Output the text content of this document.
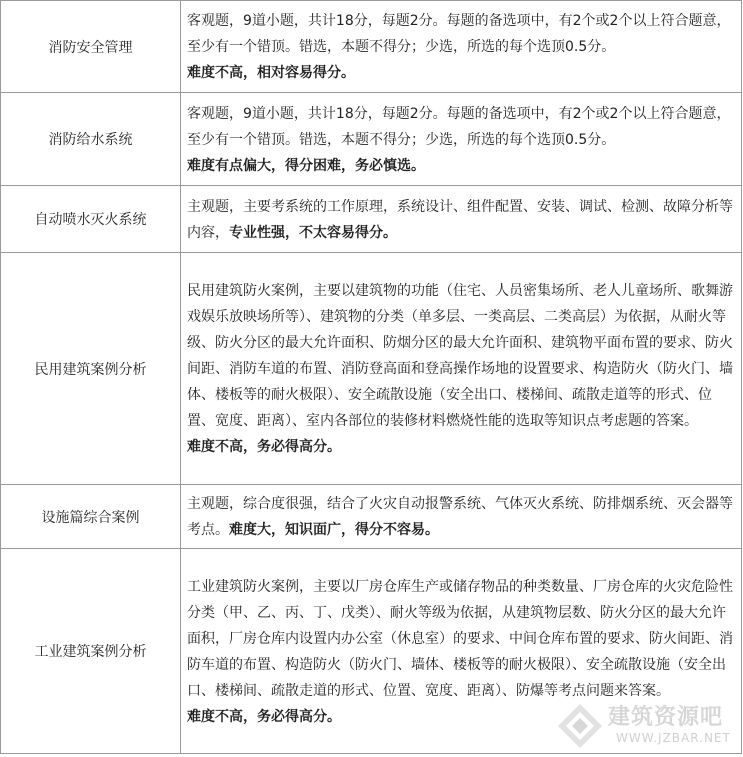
消防安全管理	客观题，9道小题，共计18分，每题2分。每题的备选项中，有2个或2个以上符合题意，至少有一个错顶。错选，本题不得分；少选，所选的每个选顶0.5分。
难度不高，相对容易得分。
消防给水系统	客观题，9道小题，共计18分，每题2分。每题的备选项中，有2个或2个以上符合题意，至少有一个错顶。错选，本题不得分；少选，所选的每个选顶0.5分。
难度有点偏大，得分困难，务必慎选。
自动喷水灭火系统	主观题，主要考系统的工作原理，系统设计、组件配置、安装、调试、检测、故障分析等内容，专业性强，不太容易得分。
民用建筑案例分析	民用建筑防火案例，主要以建筑物的功能（住宅、人员密集场所、老人儿童场所、歌舞游戏娱乐放映场所等）、建筑物的分类（单多层、一类高层、二类高层）为依据，从耐火等级、防火分区的最大允许面积、防烟分区的最大允许面积、建筑物平面布置的要求、防火间距、消防车道的布置、消防登高面和登高操作场地的设置要求、构造防火（防火门、墙体、楼板等的耐火极限）、安全疏散设施（安全出口、楼梯间、疏散走道等的形式、位置、宽度、距离）、室内各部位的装修材料燃烧性能的选取等知识点考虑题的答案。
难度不高，务必得高分。
设施篇综合案例	主观题，综合度很强，结合了火灾自动报警系统、气体灭火系统、防排烟系统、灭会器等考点。难度大，知识面广，得分不容易。
工业建筑案例分析	工业建筑防火案例，主要以厂房仓库生产或储存物品的种类数量、厂房仓库的火灾危险性分类（甲、乙、丙、丁、戊类）、耐火等级为依据，从建筑物层数、防火分区的最大允许面积，厂房仓库内设置内办公室（休息室）的要求、中间仓库布置的要求、防火间距、消防车道的布置、构造防火（防火门、墙体、楼板等的耐火极限）、安全疏散设施（安全出口、楼梯间、疏散走道的形式、位置、宽度、距离）、防爆等考点问题来答案。
难度不高，务必得高分。	建筑资源吧
WWW.JZBAR.NET
